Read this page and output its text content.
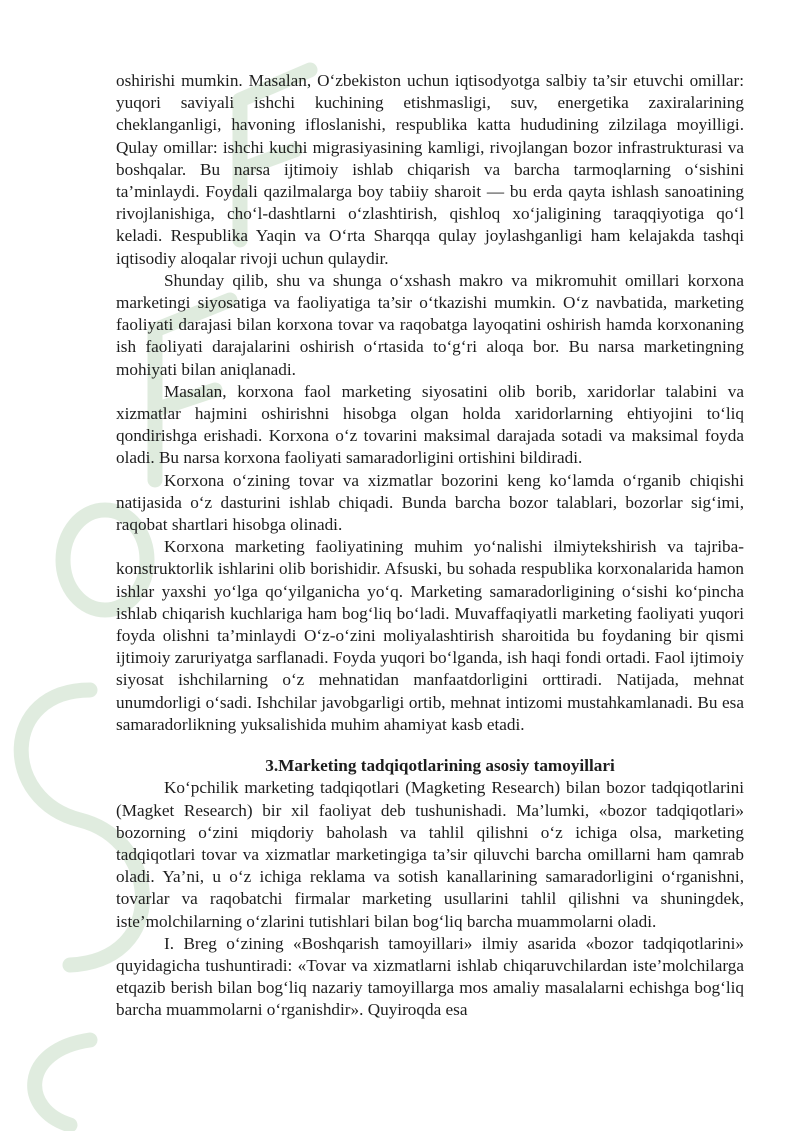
oshirishi mumkin. Masalan, O‘zbekiston uchun iqtisodyotga salbiy ta’sir etuvchi omillar: yuqori saviyali ishchi kuchining etishmasligi, suv, energetika zaxiralarining cheklanganligi, havoning ifloslanishi, respublika katta hududining zilzilaga moyilligi. Qulay omillar: ishchi kuchi migrasiyasining kamligi, rivojlangan bozor infrastrukturasi va boshqalar. Bu narsa ijtimoiy ishlab chiqarish va barcha tarmoqlarning o‘sishini ta’minlaydi. Foydali qazilmalarga boy tabiiy sharoit — bu erda qayta ishlash sanoatining rivojlanishiga, cho‘l-dashtlarni o‘zlashtirish, qishloq xo‘jaligining taraqqiyotiga qo‘l keladi. Respublika Yaqin va O‘rta Sharqqa qulay joylashganligi ham kelajakda tashqi iqtisodiy aloqalar rivoji uchun qulaydir.

Shunday qilib, shu va shunga o‘xshash makro va mikromuhit omillari korxona marketingi siyosatiga va faoliyatiga ta’sir o‘tkazishi mumkin. O‘z navbatida, marketing faoliyati darajasi bilan korxona tovar va raqobatga layoqatini oshirish hamda korxonaning ish faoliyati darajalarini oshirish o‘rtasida to‘g‘ri aloqa bor. Bu narsa marketingning mohiyati bilan aniqlanadi.

Masalan, korxona faol marketing siyosatini olib borib, xaridorlar talabini va xizmatlar hajmini oshirishni hisobga olgan holda xaridorlarning ehtiyojini to‘liq qondirishga erishadi. Korxona o‘z tovarini maksimal darajada sotadi va maksimal foyda oladi. Bu narsa korxona faoliyati samaradorligini ortishini bildiradi.

Korxona o‘zining tovar va xizmatlar bozorini keng ko‘lamda o‘rganib chiqishi natijasida o‘z dasturini ishlab chiqadi. Bunda barcha bozor talablari, bozorlar sig‘imi, raqobat shartlari hisobga olinadi.

Korxona marketing faoliyatining muhim yo‘nalishi ilmiytekshirish va tajriba-konstruktorlik ishlarini olib borishidir. Afsuski, bu sohada respublika korxonalarida hamon ishlar yaxshi yo‘lga qo‘yilganicha yo‘q. Marketing samaradorligining o‘sishi ko‘pincha ishlab chiqarish kuchlariga ham bog‘liq bo‘ladi. Muvaffaqiyatli marketing faoliyati yuqori foyda olishni ta’minlaydi O‘z-o‘zini moliyalashtirish sharoitida bu foydaning bir qismi ijtimoiy zaruriyatga sarflanadi. Foyda yuqori bo‘lganda, ish haqi fondi ortadi. Faol ijtimoiy siyosat ishchilarning o‘z mehnatidan manfaatdorligini orttiradi. Natijada, mehnat unumdorligi o‘sadi. Ishchilar javobgarligi ortib, mehnat intizomi mustahkamlanadi. Bu esa samaradorlikning yuksalishida muhim ahamiyat kasb etadi.

3.Marketing tadqiqotlarining asosiy tamoyillari

Ko‘pchilik marketing tadqiqotlari (Magketing Research) bilan bozor tadqiqotlarini (Magket Research) bir xil faoliyat deb tushunishadi. Ma’lumki, «bozor tadqiqotlari» bozorning o‘zini miqdoriy baholash va tahlil qilishni o‘z ichiga olsa, marketing tadqiqotlari tovar va xizmatlar marketingiga ta’sir qiluvchi barcha omillarni ham qamrab oladi. Ya’ni, u o‘z ichiga reklama va sotish kanallarining samaradorligini o‘rganishni, tovarlar va raqobatchi firmalar marketing usullarini tahlil qilishni va shuningdek, iste’molchilarning o‘zlarini tutishlari bilan bog‘liq barcha muammolarni oladi.

I. Breg o‘zining «Boshqarish tamoyillari» ilmiy asarida «bozor tadqiqotlarini» quyidagicha tushuntiradi: «Tovar va xizmatlarni ishlab chiqaruvchilardan iste’molchilarga etqazib berish bilan bog‘liq nazariy tamoyillarga mos amaliy masalalarni echishga bog‘liq barcha muammolarni o‘rganishdir». Quyiroqda esa
